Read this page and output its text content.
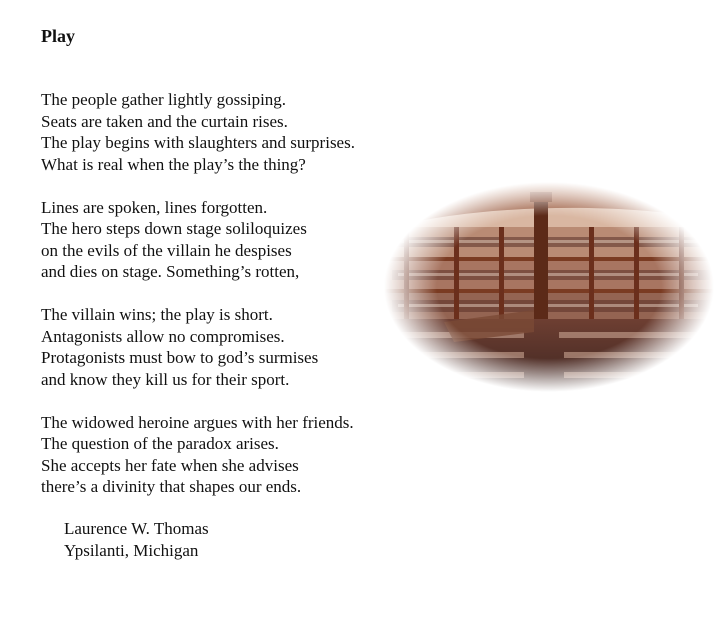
Play
The people gather lightly gossiping.
Seats are taken and the curtain rises.
The play begins with slaughters and surprises.
What is real when the play’s the thing?
Lines are spoken, lines forgotten.
The hero steps down stage soliloquizes
on the evils of the villain he despises
and dies on stage. Something’s rotten,
The villain wins; the play is short.
Antagonists allow no compromises.
Protagonists must bow to god’s surmises
and know they kill us for their sport.
The widowed heroine argues with her friends.
The question of the paradox arises.
She accepts her fate when she advises
there’s a divinity that shapes our ends.
Laurence W. Thomas
Ypsilanti, Michigan
